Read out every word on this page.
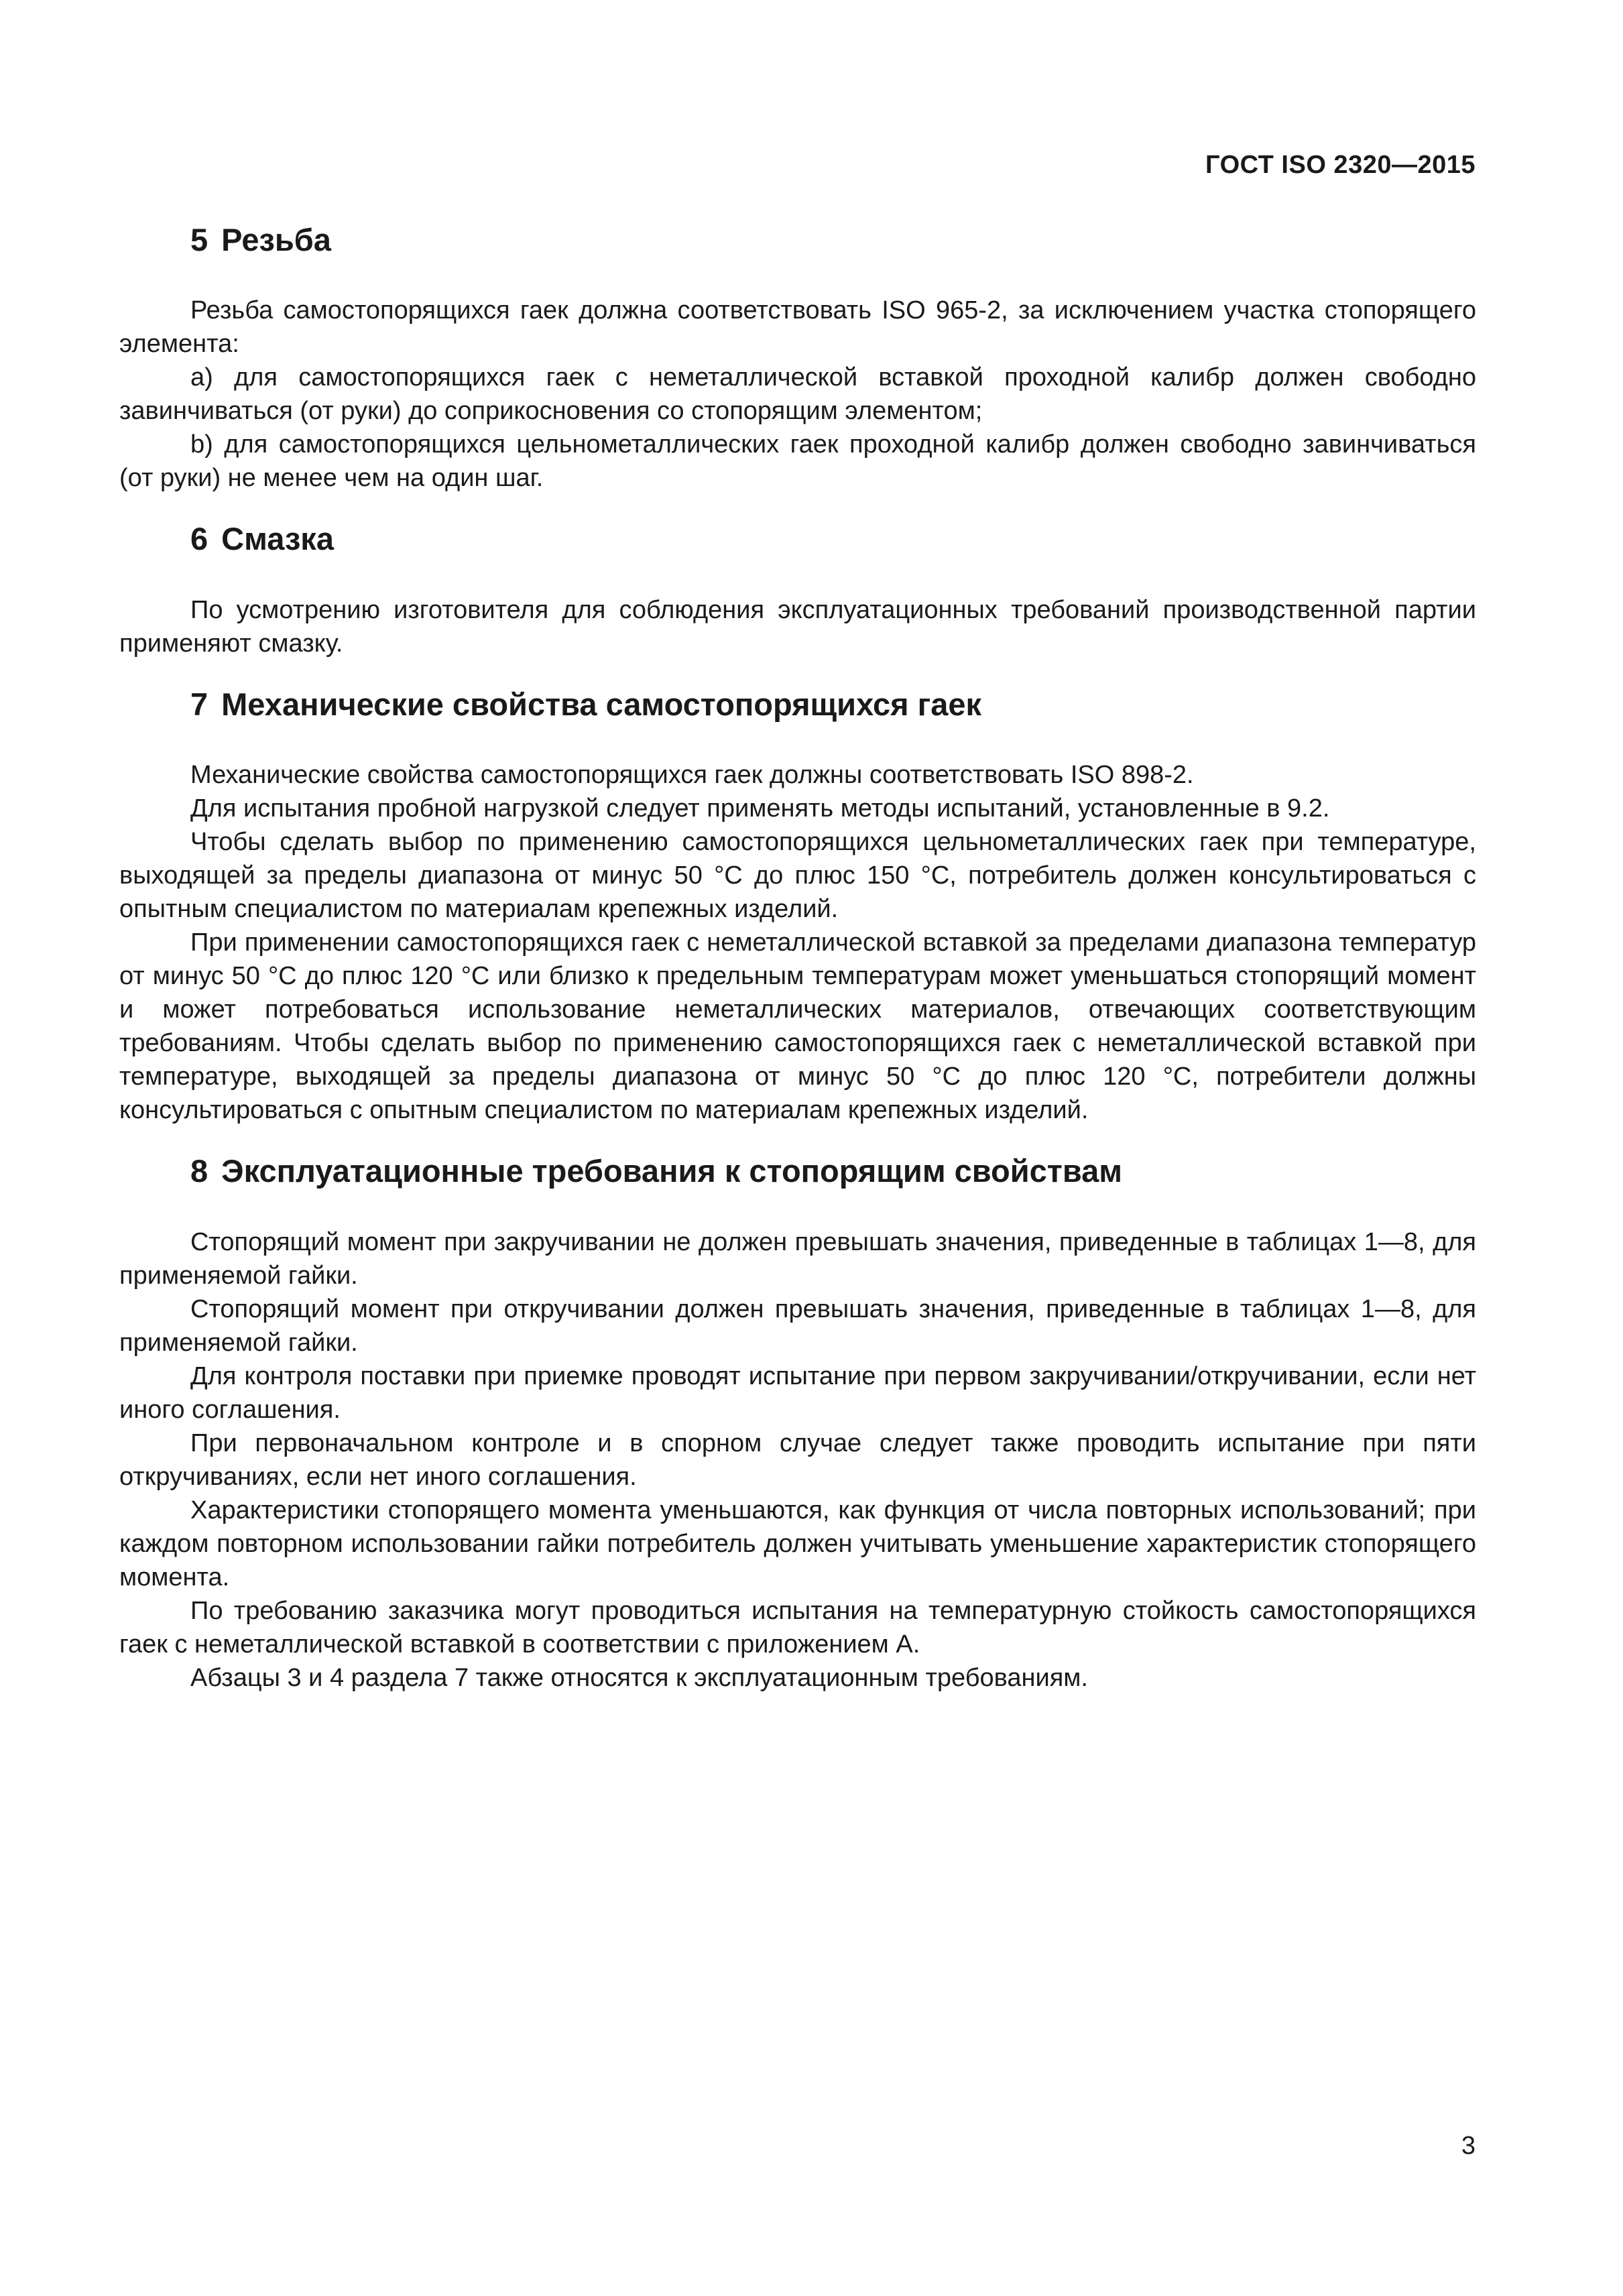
ГОСТ ISO 2320—2015
5 Резьба

Резьба самостопорящихся гаек должна соответствовать ISO 965-2, за исключением участка стопорящего элемента:

а) для самостопорящихся гаек с неметаллической вставкой проходной калибр должен свободно завинчиваться (от руки) до соприкосновения со стопорящим элементом;

b) для самостопорящихся цельнометаллических гаек проходной калибр должен свободно завинчиваться (от руки) не менее чем на один шаг.

6 Смазка

По усмотрению изготовителя для соблюдения эксплуатационных требований производственной партии применяют смазку.

7 Механические свойства самостопорящихся гаек

Механические свойства самостопорящихся гаек должны соответствовать ISO 898-2.

Для испытания пробной нагрузкой следует применять методы испытаний, установленные в 9.2.

Чтобы сделать выбор по применению самостопорящихся цельнометаллических гаек при температуре, выходящей за пределы диапазона от минус 50 °С до плюс 150 °С, потребитель должен консультироваться с опытным специалистом по материалам крепежных изделий.

При применении самостопорящихся гаек с неметаллической вставкой за пределами диапазона температур от минус 50 °С до плюс 120 °С или близко к предельным температурам может уменьшаться стопорящий момент и может потребоваться использование неметаллических материалов, отвечающих соответствующим требованиям. Чтобы сделать выбор по применению самостопорящихся гаек с неметаллической вставкой при температуре, выходящей за пределы диапазона от минус 50 °С до плюс 120 °С, потребители должны консультироваться с опытным специалистом по материалам крепежных изделий.

8 Эксплуатационные требования к стопорящим свойствам

Стопорящий момент при закручивании не должен превышать значения, приведенные в таблицах 1—8, для применяемой гайки.

Стопорящий момент при откручивании должен превышать значения, приведенные в таблицах 1—8, для применяемой гайки.

Для контроля поставки при приемке проводят испытание при первом закручивании/откручивании, если нет иного соглашения.

При первоначальном контроле и в спорном случае следует также проводить испытание при пяти откручиваниях, если нет иного соглашения.

Характеристики стопорящего момента уменьшаются, как функция от числа повторных использований; при каждом повторном использовании гайки потребитель должен учитывать уменьшение характеристик стопорящего момента.

По требованию заказчика могут проводиться испытания на температурную стойкость самостопорящихся гаек с неметаллической вставкой в соответствии с приложением А.

Абзацы 3 и 4 раздела 7 также относятся к эксплуатационным требованиям.

3
